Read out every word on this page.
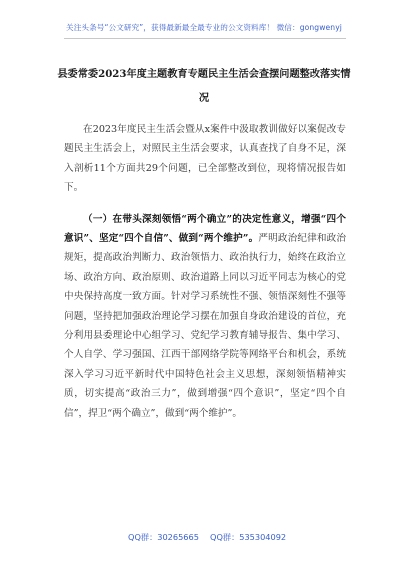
关注头条号“公文研究”，获得最新最全最专业的公文资料库！ 微信：gongwenyj
县委常委2023年度主题教育专题民主生活会查摆问题整改落实情况

在2023年度民主生活会暨从x案件中汲取教训做好以案促改专题民主生活会上，对照民主生活会要求，认真查找了自身不足，深入剖析11个方面共29个问题，已全部整改到位，现将情况报告如下。

（一）在带头深刻领悟“两个确立”的决定性意义，增强“四个意识”、坚定“四个自信”、做到“两个维护”。严明政治纪律和政治规矩，提高政治判断力、政治领悟力、政治执行力，始终在政治立场、政治方向、政治原则、政治道路上同以习近平同志为核心的党中央保持高度一致方面。针对学习系统性不强、领悟深刻性不强等问题，坚持把加强政治理论学习摆在加强自身政治建设的首位，充分利用县委理论中心组学习、党纪学习教育辅导报告、集中学习、个人自学、学习强国、江西干部网络学院等网络平台和机会，系统深入学习习近平新时代中国特色社会主义思想，深刻领悟精神实质，切实提高“政治三力”，做到增强“四个意识”，坚定“四个自信”，捍卫“两个确立”，做到“两个维护”。

QQ群：30265665 QQ群：535304092
